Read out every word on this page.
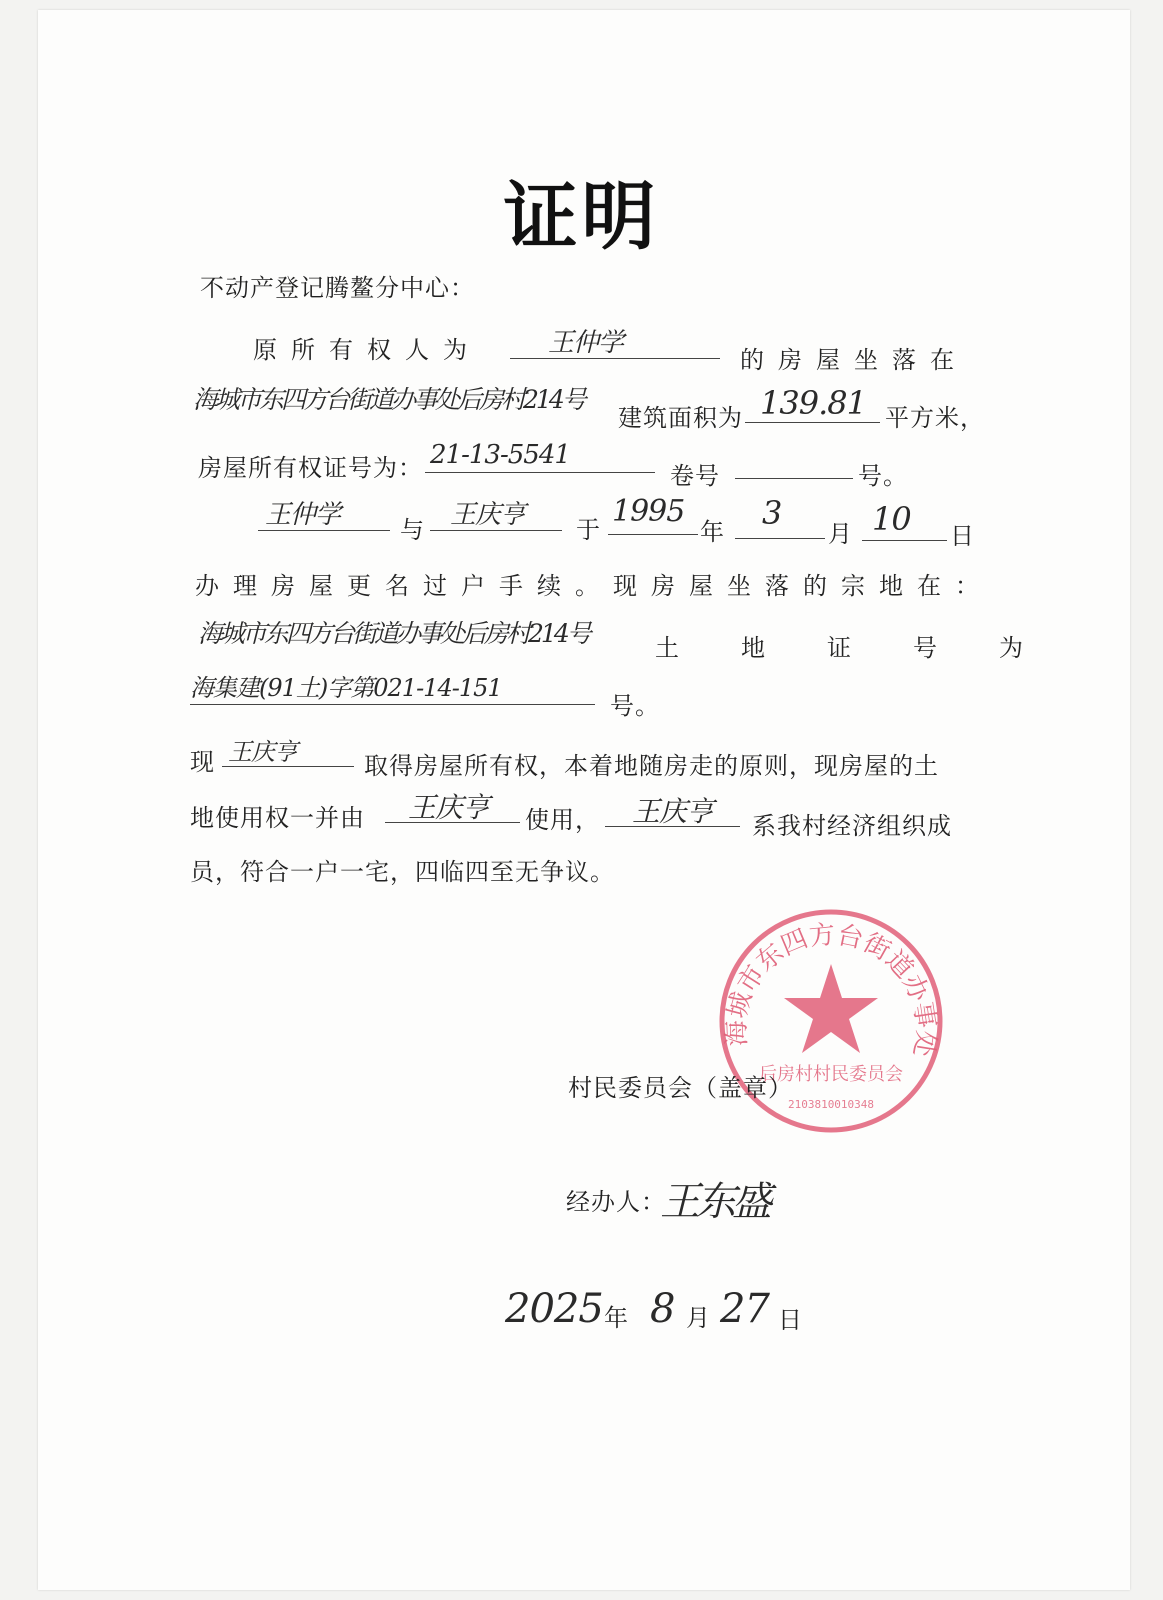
证明
不动产登记腾鳌分中心：
原所有权人为	王仲学
的房屋坐落在
海城市东四方台街道办事处后房村214号
建筑面积为 139.81 平方米，
房屋所有权证号为： 21-13-5541
卷号	号。
王仲学 与 王庆亨 于
1995
年 3
月 10 日
办理房屋更名过户手续。现房屋坐落的宗地在：
海城市东四方台街道办事处后房村214号	土地证号为
海集建(91土)字第021-14-151
号。
现 王庆亨	取得房屋所有权，本着地随房走的原则，现房屋的土
地使用权一并由 王庆亨 使用， 王庆亨 系我村经济组织成
员，符合一户一宅，四临四至无争议。
海城市东四方台街道办事处
后房村村民委员会
2103810010348
村民委员会（盖章）
经办人：
王东盛
2025 年 8 月 27 日
